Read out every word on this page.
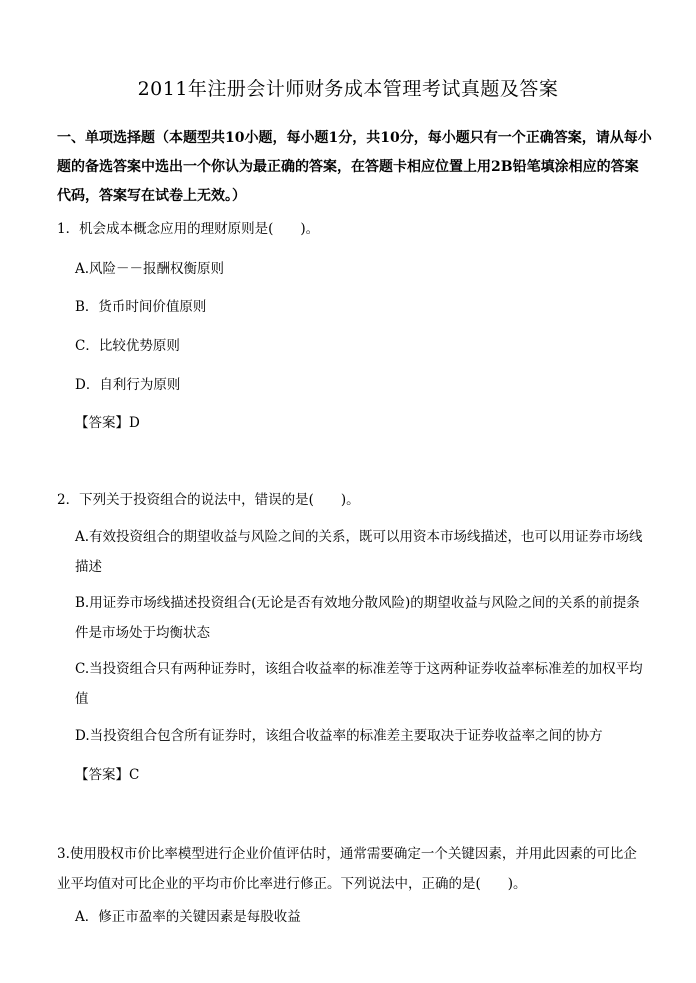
2011年注册会计师财务成本管理考试真题及答案
一、单项选择题（本题型共10小题，每小题1分，共10分，每小题只有一个正确答案，请从每小题的备选答案中选出一个你认为最正确的答案，在答题卡相应位置上用2B铅笔填涂相应的答案代码，答案写在试卷上无效。）
1．机会成本概念应用的理财原则是(　　)。
A.风险－－报酬权衡原则
B．货币时间价值原则
C．比较优势原则
D．自利行为原则
【答案】D
2．下列关于投资组合的说法中，错误的是(　　)。
A.有效投资组合的期望收益与风险之间的关系，既可以用资本市场线描述，也可以用证券市场线描述
B.用证券市场线描述投资组合(无论是否有效地分散风险)的期望收益与风险之间的关系的前提条件是市场处于均衡状态
C.当投资组合只有两种证券时，该组合收益率的标准差等于这两种证券收益率标准差的加权平均值
D.当投资组合包含所有证券时，该组合收益率的标准差主要取决于证券收益率之间的协方
【答案】C
3.使用股权市价比率模型进行企业价值评估时，通常需要确定一个关键因素，并用此因素的可比企业平均值对可比企业的平均市价比率进行修正。下列说法中，正确的是(　　)。
A．修正市盈率的关键因素是每股收益
